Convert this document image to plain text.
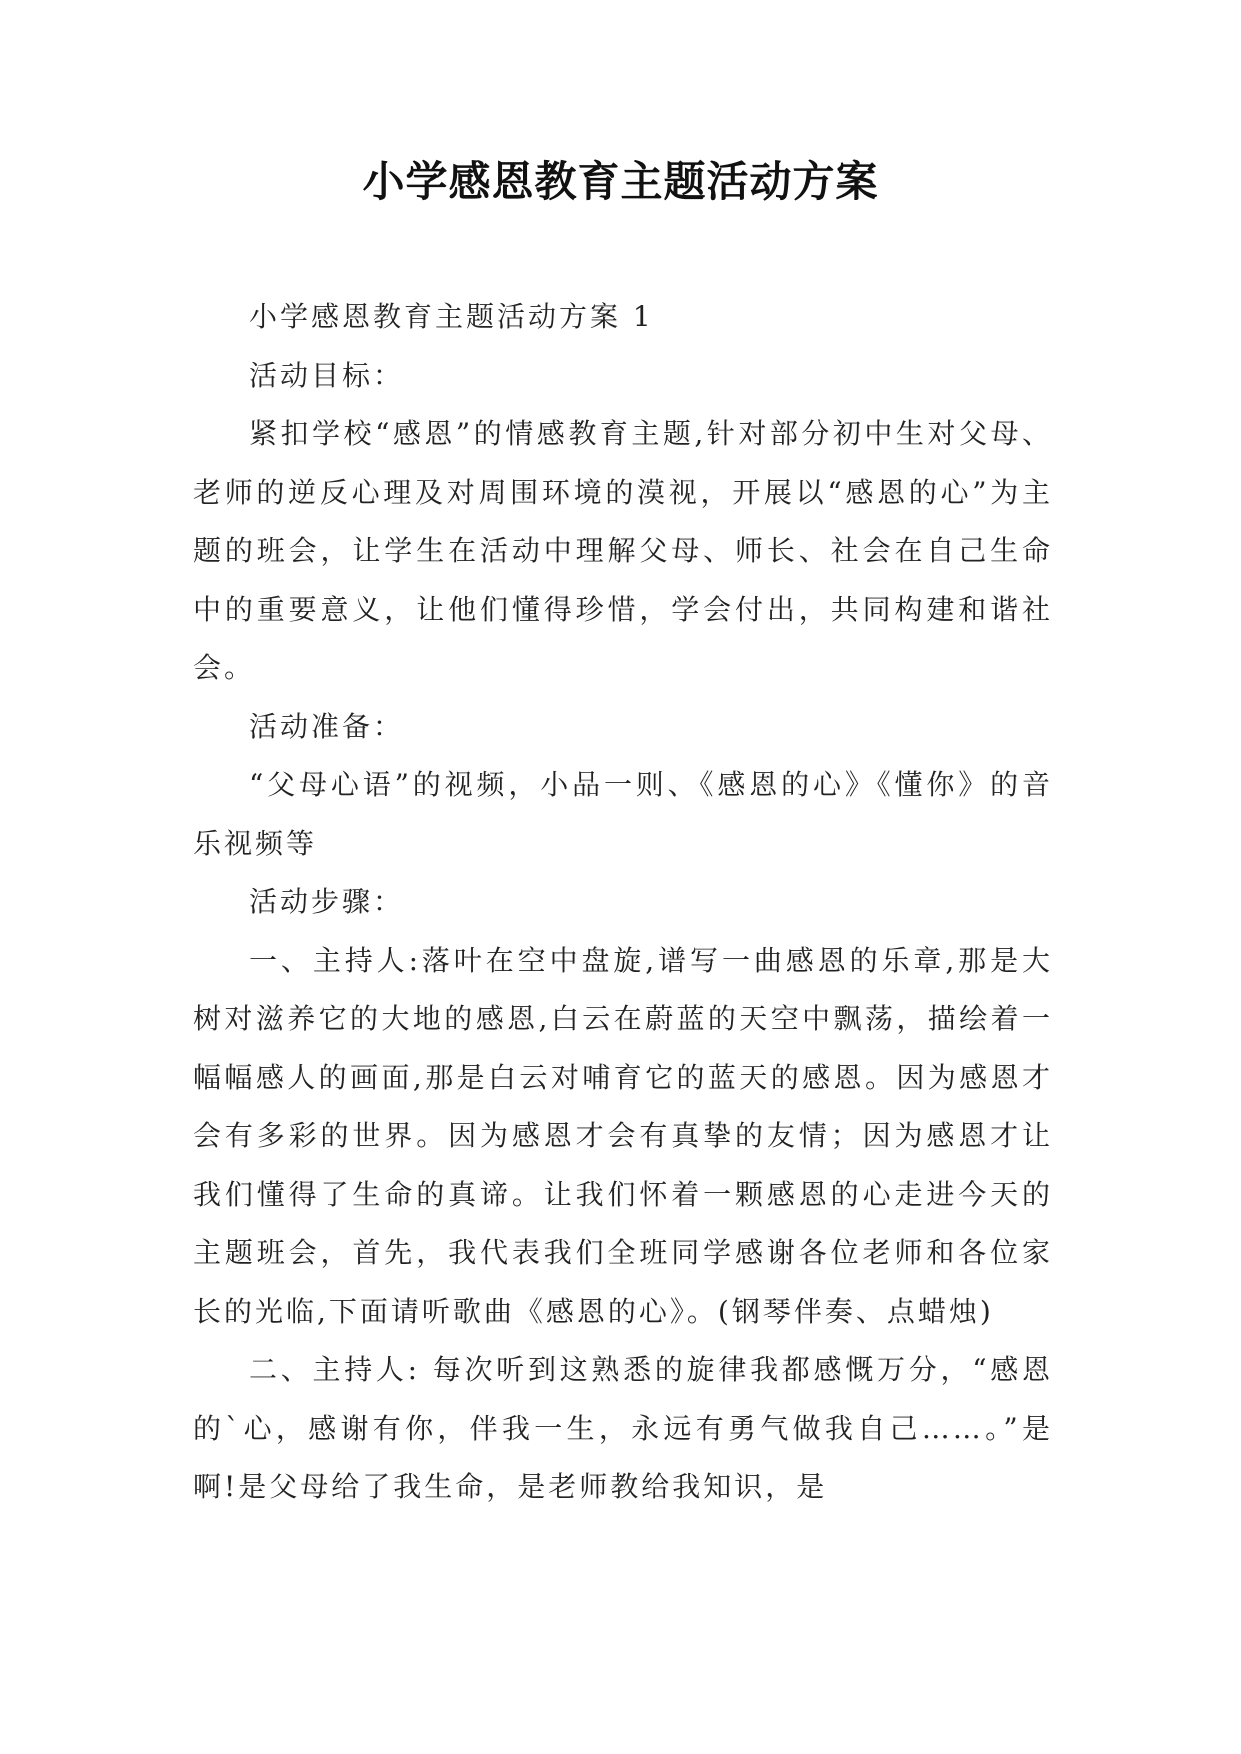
小学感恩教育主题活动方案

小学感恩教育主题活动方案 1

活动目标：

紧扣学校“感恩”的情感教育主题,针对部分初中生对父母、老师的逆反心理及对周围环境的漠视，开展以“感恩的心”为主题的班会，让学生在活动中理解父母、师长、社会在自己生命中的重要意义，让他们懂得珍惜，学会付出，共同构建和谐社会。

活动准备：

“父母心语”的视频，小品一则、《感恩的心》《懂你》的音乐视频等

活动步骤：

一、主持人:落叶在空中盘旋,谱写一曲感恩的乐章,那是大树对滋养它的大地的感恩,白云在蔚蓝的天空中飘荡，描绘着一幅幅感人的画面,那是白云对哺育它的蓝天的感恩。因为感恩才会有多彩的世界。因为感恩才会有真挚的友情；因为感恩才让我们懂得了生命的真谛。让我们怀着一颗感恩的心走进今天的主题班会，首先，我代表我们全班同学感谢各位老师和各位家长的光临,下面请听歌曲《感恩的心》。(钢琴伴奏、点蜡烛)

二、主持人: 每次听到这熟悉的旋律我都感慨万分，“感恩的`心，感谢有你，伴我一生，永远有勇气做我自己……。”是啊!是父母给了我生命，是老师教给我知识，是
